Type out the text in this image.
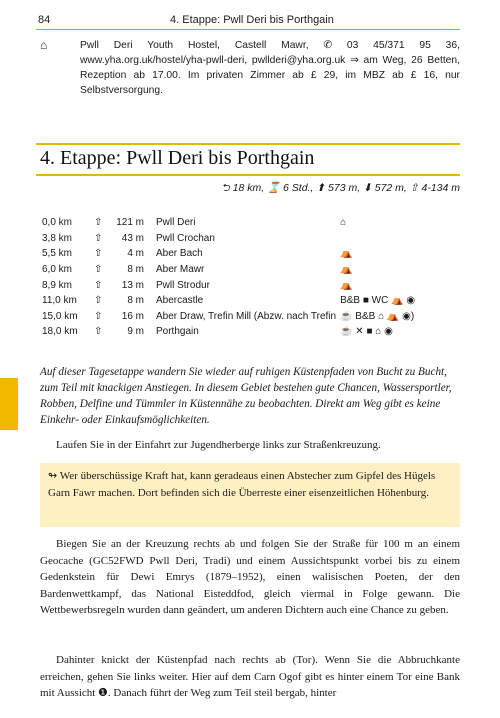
84	4. Etappe: Pwll Deri bis Porthgain
⌂	Pwll Deri Youth Hostel, Castell Mawr, ✆ 03 45/371 95 36, www.yha.org.uk/hostel/yha-pwll-deri, pwllderi@yha.org.uk ⇒ am Weg, 26 Betten, Rezeption ab 17.00. Im privaten Zimmer ab £ 29, im MBZ ab £ 16, nur Selbstversorgung.
4. Etappe: Pwll Deri bis Porthgain
⮌ 18 km, ⌛ 6 Std., ⬆ 573 m, ⬇ 572 m, ⇧ 4-134 m
0,0 km	⇧	121 m	Pwll Deri	⌂
3,8 km	⇧	43 m	Pwll Crochan	
5,5 km	⇧	4 m	Aber Bach	⛺
6,0 km	⇧	8 m	Aber Mawr	⛺
8,9 km	⇧	13 m	Pwll Strodur	⛺
11,0 km	⇧	8 m	Abercastle	B&B ■ WC ⛺ ◉
15,0 km	⇧	16 m	Aber Draw, Trefin Mill (Abzw. nach Trefin	☕ B&B ⌂ ⛺ ◉)
18,0 km	⇧	9 m	Porthgain	☕ ✕ ■ ⌂ ◉
Auf dieser Tagesetappe wandern Sie wieder auf ruhigen Küstenpfaden von Bucht zu Bucht, zum Teil mit knackigen Anstiegen. In diesem Gebiet bestehen gute Chancen, Wassersportler, Robben, Delfine und Tümmler in Küstennähe zu beobachten. Direkt am Weg gibt es keine Einkehr- oder Einkaufsmöglichkeiten.
Laufen Sie in der Einfahrt zur Jugendherberge links zur Straßenkreuzung.
↬ Wer überschüssige Kraft hat, kann geradeaus einen Abstecher zum Gipfel des Hügels Garn Fawr machen. Dort befinden sich die Überreste einer eisenzeitlichen Höhenburg.

Biegen Sie an der Kreuzung rechts ab und folgen Sie der Straße für 100 m an einem Geocache (GC52FWD Pwll Deri, Tradi) und einem Aussichtspunkt vorbei bis zu einem Gedenkstein für Dewi Emrys (1879–1952), einen walisischen Poeten, der den Bardenwettkampf, das National Eisteddfod, gleich viermal in Folge gewann. Die Wettbewerbsregeln wurden dann geändert, um anderen Dichtern auch eine Chance zu geben.

Dahinter knickt der Küstenpfad nach rechts ab (Tor). Wenn Sie die Abbruchkante erreichen, gehen Sie links weiter. Hier auf dem Carn Ogof gibt es hinter einem Tor eine Bank mit Aussicht ❶. Danach führt der Weg zum Teil steil bergab, hinter
